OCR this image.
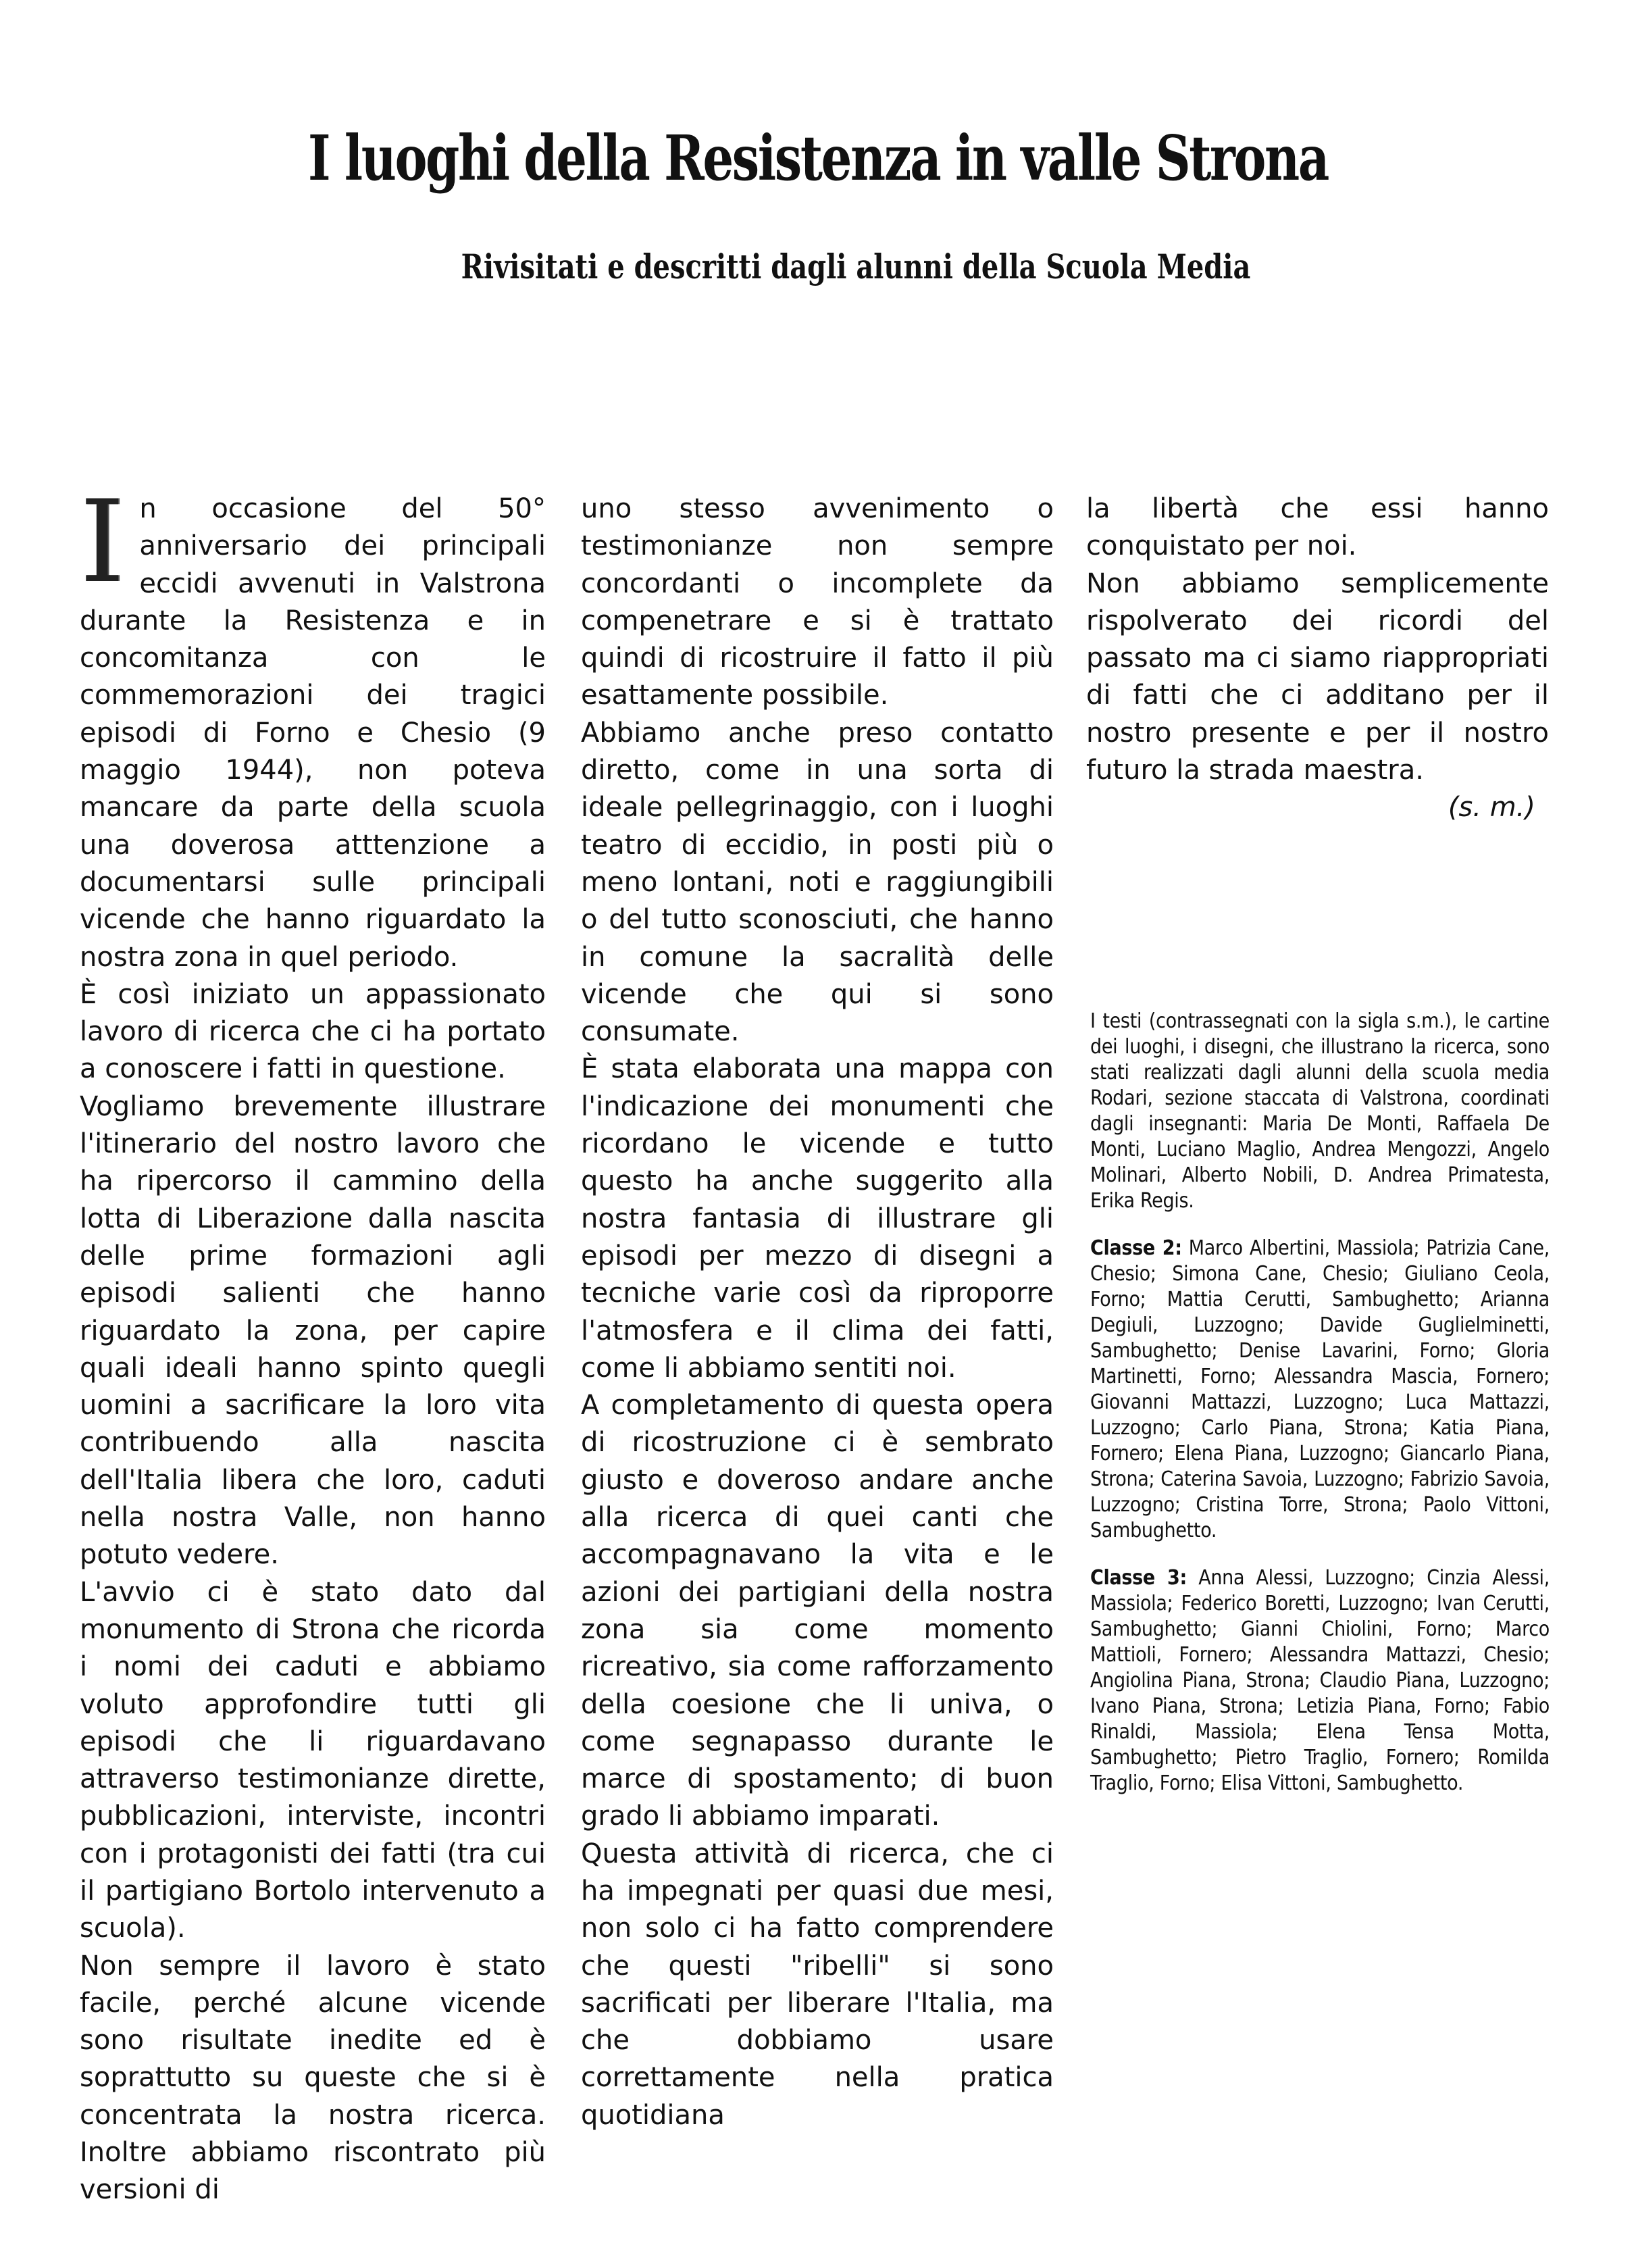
I luoghi della Resistenza in valle Strona
Rivisitati e descritti dagli alunni della Scuola Media

In occasione del 50° anniversario dei principali eccidi avvenuti in Valstrona durante la Resistenza e in concomitanza con le commemorazioni dei tragici episodi di Forno e Chesio (9 maggio 1944), non poteva mancare da parte della scuola una doverosa atttenzione a documentarsi sulle principali vicende che hanno riguardato la nostra zona in quel periodo.

È così iniziato un appassionato lavoro di ricerca che ci ha portato a conoscere i fatti in questione.

Vogliamo brevemente illustrare l'itinerario del nostro lavoro che ha ripercorso il cammino della lotta di Liberazione dalla nascita delle prime formazioni agli episodi salienti che hanno riguardato la zona, per capire quali ideali hanno spinto quegli uomini a sacrificare la loro vita contribuendo alla nascita dell'Italia libera che loro, caduti nella nostra Valle, non hanno potuto vedere.

L'avvio ci è stato dato dal monumento di Strona che ricorda i nomi dei caduti e abbiamo voluto approfondire tutti gli episodi che li riguardavano attraverso testimonianze dirette, pubblicazioni, interviste, incontri con i protagonisti dei fatti (tra cui il partigiano Bortolo intervenuto a scuola).

Non sempre il lavoro è stato facile, perché alcune vicende sono risultate inedite ed è soprattutto su queste che si è concentrata la nostra ricerca. Inoltre abbiamo riscontrato più versioni di

uno stesso avvenimento o testimonianze non sempre concordanti o incomplete da compenetrare e si è trattato quindi di ricostruire il fatto il più esattamente possibile.

Abbiamo anche preso contatto diretto, come in una sorta di ideale pellegrinaggio, con i luoghi teatro di eccidio, in posti più o meno lontani, noti e raggiungibili o del tutto sconosciuti, che hanno in comune la sacralità delle vicende che qui si sono consumate.

È stata elaborata una mappa con l'indicazione dei monumenti che ricordano le vicende e tutto questo ha anche suggerito alla nostra fantasia di illustrare gli episodi per mezzo di disegni a tecniche varie così da riproporre l'atmosfera e il clima dei fatti, come li abbiamo sentiti noi.

A completamento di questa opera di ricostruzione ci è sembrato giusto e doveroso andare anche alla ricerca di quei canti che accompagnavano la vita e le azioni dei partigiani della nostra zona sia come momento ricreativo, sia come rafforzamento della coesione che li univa, o come segnapasso durante le marce di spostamento; di buon grado li abbiamo imparati.

Questa attività di ricerca, che ci ha impegnati per quasi due mesi, non solo ci ha fatto comprendere che questi "ribelli" si sono sacrificati per liberare l'Italia, ma che dobbiamo usare correttamente nella pratica quotidiana

la libertà che essi hanno conquistato per noi.

Non abbiamo semplicemente rispolverato dei ricordi del passato ma ci siamo riappropriati di fatti che ci additano per il nostro presente e per il nostro futuro la strada maestra.

(s. m.)

I testi (contrassegnati con la sigla s.m.), le cartine dei luoghi, i disegni, che illustrano la ricerca, sono stati realizzati dagli alunni della scuola media Rodari, sezione staccata di Valstrona, coordinati dagli insegnanti: Maria De Monti, Raffaela De Monti, Luciano Maglio, Andrea Mengozzi, Angelo Molinari, Alberto Nobili, D. Andrea Primatesta, Erika Regis.

Classe 2: Marco Albertini, Massiola; Patrizia Cane, Chesio; Simona Cane, Chesio; Giuliano Ceola, Forno; Mattia Cerutti, Sambughetto; Arianna Degiuli, Luzzogno; Davide Guglielminetti, Sambughetto; Denise Lavarini, Forno; Gloria Martinetti, Forno; Alessandra Mascia, Fornero; Giovanni Mattazzi, Luzzogno; Luca Mattazzi, Luzzogno; Carlo Piana, Strona; Katia Piana, Fornero; Elena Piana, Luzzogno; Giancarlo Piana, Strona; Caterina Savoia, Luzzogno; Fabrizio Savoia, Luzzogno; Cristina Torre, Strona; Paolo Vittoni, Sambughetto.

Classe 3: Anna Alessi, Luzzogno; Cinzia Alessi, Massiola; Federico Boretti, Luzzogno; Ivan Cerutti, Sambughetto; Gianni Chiolini, Forno; Marco Mattioli, Fornero; Alessandra Mattazzi, Chesio; Angiolina Piana, Strona; Claudio Piana, Luzzogno; Ivano Piana, Strona; Letizia Piana, Forno; Fabio Rinaldi, Massiola; Elena Tensa Motta, Sambughetto; Pietro Traglio, Fornero; Romilda Traglio, Forno; Elisa Vittoni, Sambughetto.
